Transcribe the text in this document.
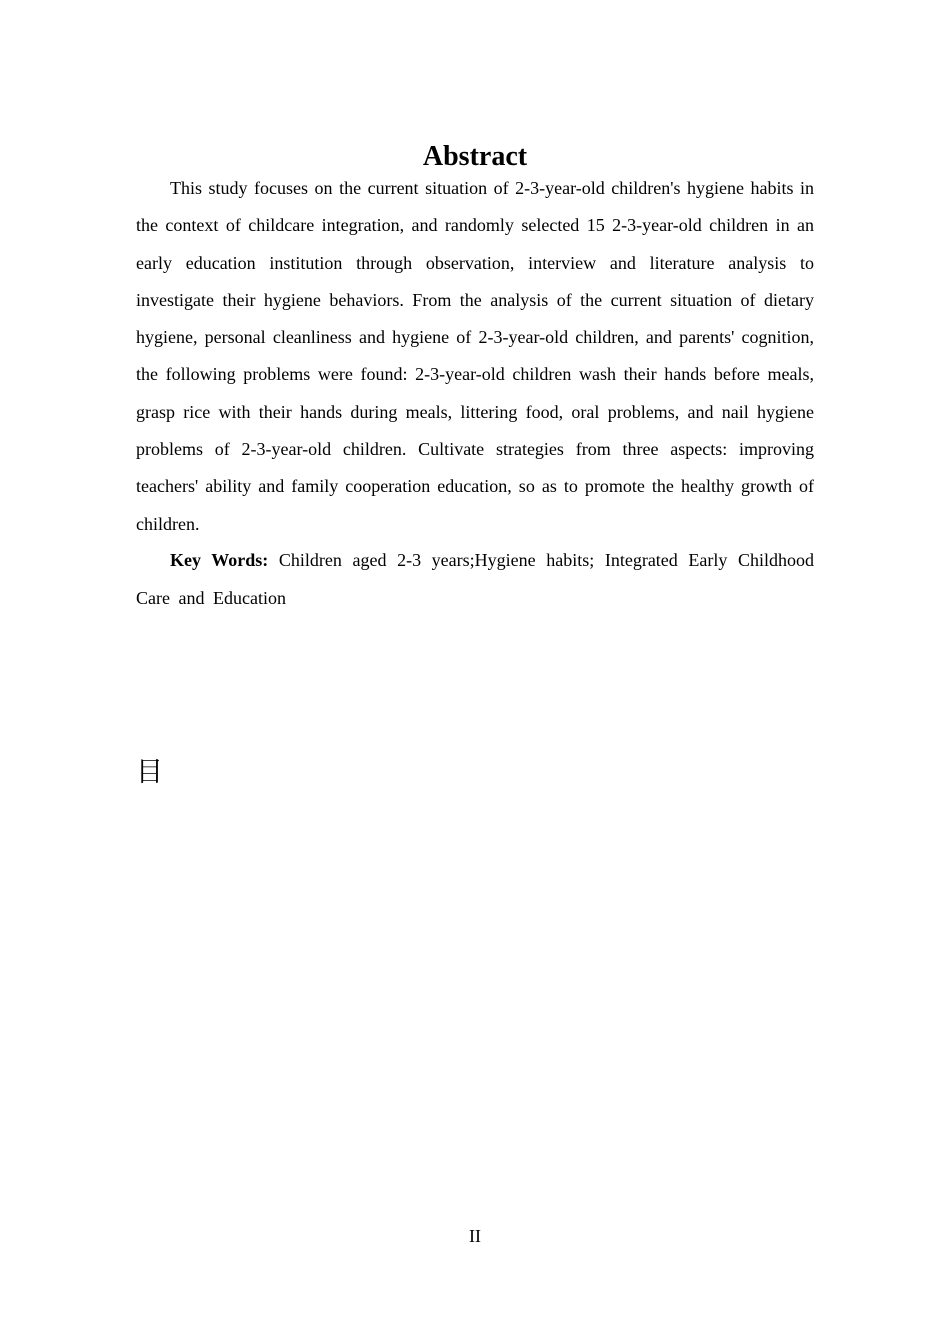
Abstract

This study focuses on the current situation of 2-3-year-old children's hygiene habits in the context of childcare integration, and randomly selected 15 2-3-year-old children in an early education institution through observation, interview and literature analysis to investigate their hygiene behaviors. From the analysis of the current situation of dietary hygiene, personal cleanliness and hygiene of 2-3-year-old children, and parents' cognition, the following problems were found: 2-3-year-old children wash their hands before meals, grasp rice with their hands during meals, littering food, oral problems, and nail hygiene problems of 2-3-year-old children. Cultivate strategies from three aspects: improving teachers' ability and family cooperation education, so as to promote the healthy growth of children.

Key Words: Children aged 2-3 years;Hygiene habits; Integrated Early Childhood Care and Education

目
II
